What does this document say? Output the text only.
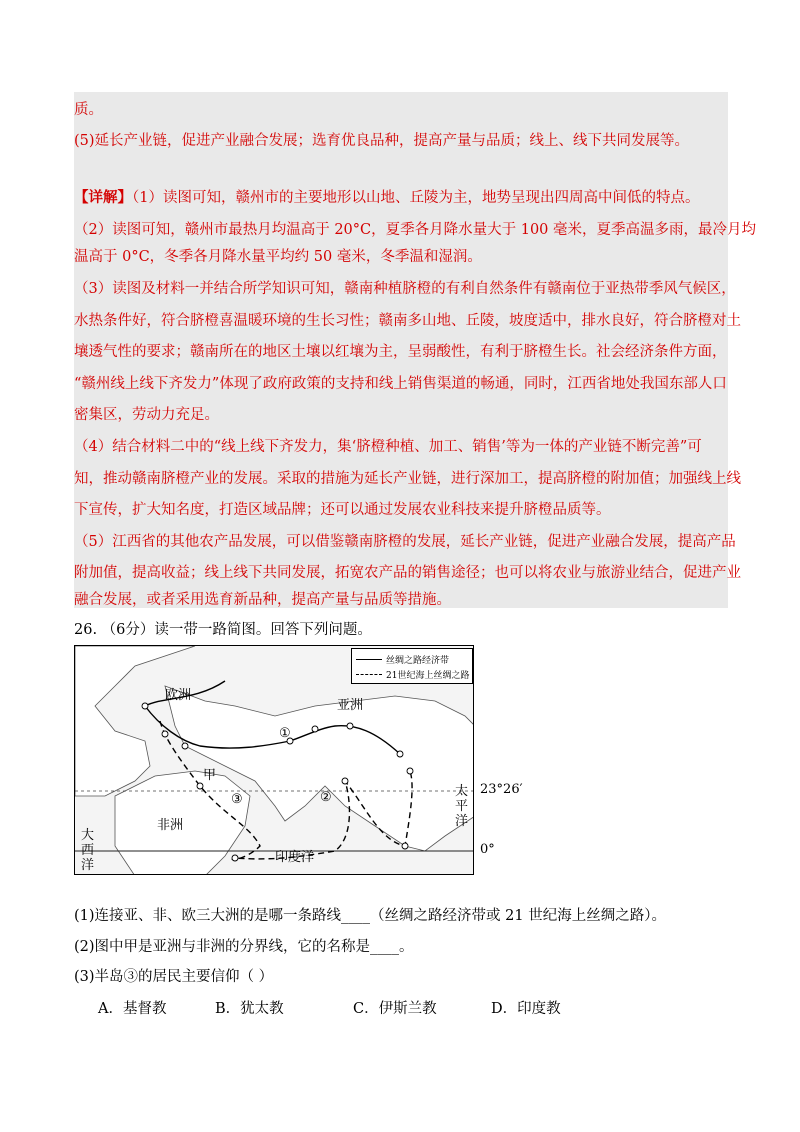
质。
(5)延长产业链，促进产业融合发展；选育优良品种，提高产量与品质；线上、线下共同发展等。
【详解】（1）读图可知，赣州市的主要地形以山地、丘陵为主，地势呈现出四周高中间低的特点。
（2）读图可知，赣州市最热月均温高于 20°C，夏季各月降水量大于 100 毫米，夏季高温多雨，最冷月均
温高于 0°C，冬季各月降水量平均约 50 毫米，冬季温和湿润。
（3）读图及材料一并结合所学知识可知，赣南种植脐橙的有利自然条件有赣南位于亚热带季风气候区，
水热条件好，符合脐橙喜温暖环境的生长习性；赣南多山地、丘陵，坡度适中，排水良好，符合脐橙对土
壤透气性的要求；赣南所在的地区土壤以红壤为主，呈弱酸性，有利于脐橙生长。社会经济条件方面，
“赣州线上线下齐发力”体现了政府政策的支持和线上销售渠道的畅通，同时，江西省地处我国东部人口
密集区，劳动力充足。
（4）结合材料二中的“线上线下齐发力，集‘脐橙种植、加工、销售’等为一体的产业链不断完善”可
知，推动赣南脐橙产业的发展。采取的措施为延长产业链，进行深加工，提高脐橙的附加值；加强线上线
下宣传，扩大知名度，打造区域品牌；还可以通过发展农业科技来提升脐橙品质等。
（5）江西省的其他农产品发展，可以借鉴赣南脐橙的发展，延长产业链，促进产业融合发展，提高产品
附加值，提高收益；线上线下共同发展，拓宽农产品的销售途径；也可以将农业与旅游业结合，促进产业
融合发展，或者采用选育新品种，提高产量与品质等措施。
26. （6分）读一带一路简图。回答下列问题。
丝绸之路经济带
21世纪海上丝绸之路
欧洲
亚洲
非洲
印度洋
大西洋
太平洋
甲
①
②
③
23°26′
0°
(1)连接亚、非、欧三大洲的是哪一条路线____（丝绸之路经济带或 21 世纪海上丝绸之路）。
(2)图中甲是亚洲与非洲的分界线，它的名称是____。
(3)半岛③的居民主要信仰（ ）
A．基督教	B．犹太教	C．伊斯兰教	D．印度教
